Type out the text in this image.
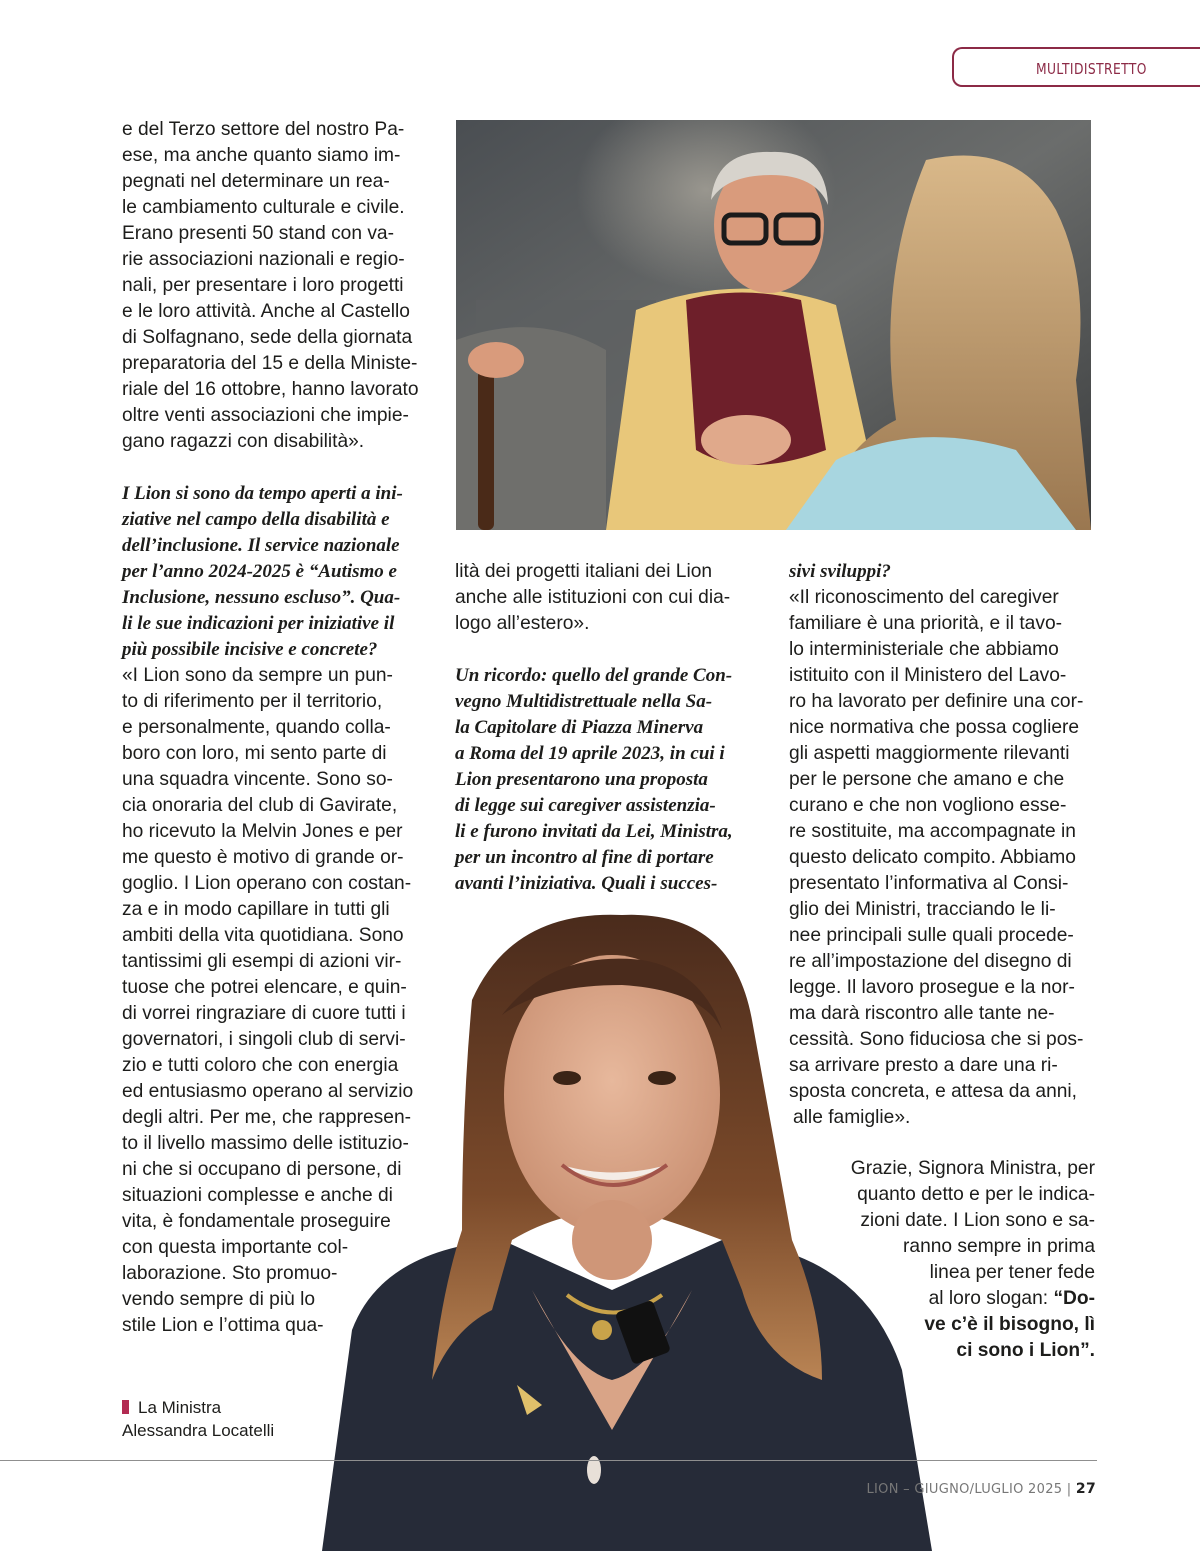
MULTIDISTRETTO

e del Terzo settore del nostro Pa-

ese, ma anche quanto siamo im-

pegnati nel determinare un rea-

le cambiamento culturale e civile.

Erano presenti 50 stand con va-

rie associazioni nazionali e regio-

nali, per presentare i loro progetti

e le loro attività. Anche al Castello

di Solfagnano, sede della giornata

preparatoria del 15 e della Ministe-

riale del 16 ottobre, hanno lavorato

oltre venti associazioni che impie-

gano ragazzi con disabilità».

I Lion si sono da tempo aperti a ini-

ziative nel campo della disabilità e

dell’inclusione. Il service nazionale

per l’anno 2024-2025 è “Autismo e

Inclusione, nessuno escluso”. Qua-

li le sue indicazioni per iniziative il

più possibile incisive e concrete?

«I Lion sono da sempre un pun-

to di riferimento per il territorio,

e personalmente, quando colla-

boro con loro, mi sento parte di

una squadra vincente. Sono so-

cia onoraria del club di Gavirate,

ho ricevuto la Melvin Jones e per

me questo è motivo di grande or-

goglio. I Lion operano con costan-

za e in modo capillare in tutti gli

ambiti della vita quotidiana. Sono

tantissimi gli esempi di azioni vir-

tuose che potrei elencare, e quin-

di vorrei ringraziare di cuore tutti i

governatori, i singoli club di servi-

zio e tutti coloro che con energia

ed entusiasmo operano al servizio

degli altri. Per me, che rappresen-

to il livello massimo delle istituzio-

ni che si occupano di persone, di

situazioni complesse e anche di

vita, è fondamentale proseguire

con questa importante col-

laborazione. Sto promuo-

vendo sempre di più lo

stile Lion e l’ottima qua-

lità dei progetti italiani dei Lion

anche alle istituzioni con cui dia-

logo all’estero».

Un ricordo: quello del grande Con-

vegno Multidistrettuale nella Sa-

la Capitolare di Piazza Minerva

a Roma del 19 aprile 2023, in cui i

Lion presentarono una proposta

di legge sui caregiver assistenzia-

li e furono invitati da Lei, Ministra,

per un incontro al fine di portare

avanti l’iniziativa. Quali i succes-

sivi sviluppi?

«Il riconoscimento del caregiver

familiare è una priorità, e il tavo-

lo interministeriale che abbiamo

istituito con il Ministero del Lavo-

ro ha lavorato per definire una cor-

nice normativa che possa cogliere

gli aspetti maggiormente rilevanti

per le persone che amano e che

curano e che non vogliono esse-

re sostituite, ma accompagnate in

questo delicato compito. Abbiamo

presentato l’informativa al Consi-

glio dei Ministri, tracciando le li-

nee principali sulle quali procede-

re all’impostazione del disegno di

legge. Il lavoro prosegue e la nor-

ma darà riscontro alle tante ne-

cessità. Sono fiduciosa che si pos-

sa arrivare presto a dare una ri-

sposta concreta, e attesa da anni,

alle famiglie».

Grazie, Signora Ministra, per

quanto detto e per le indica-

zioni date. I Lion sono e sa-

ranno sempre in prima

linea per tener fede

al loro slogan: “Do-

ve c’è il bisogno, lì

ci sono i Lion”.

La Ministra
Alessandra Locatelli
LION – GIUGNO/LUGLIO 2025 | 27
